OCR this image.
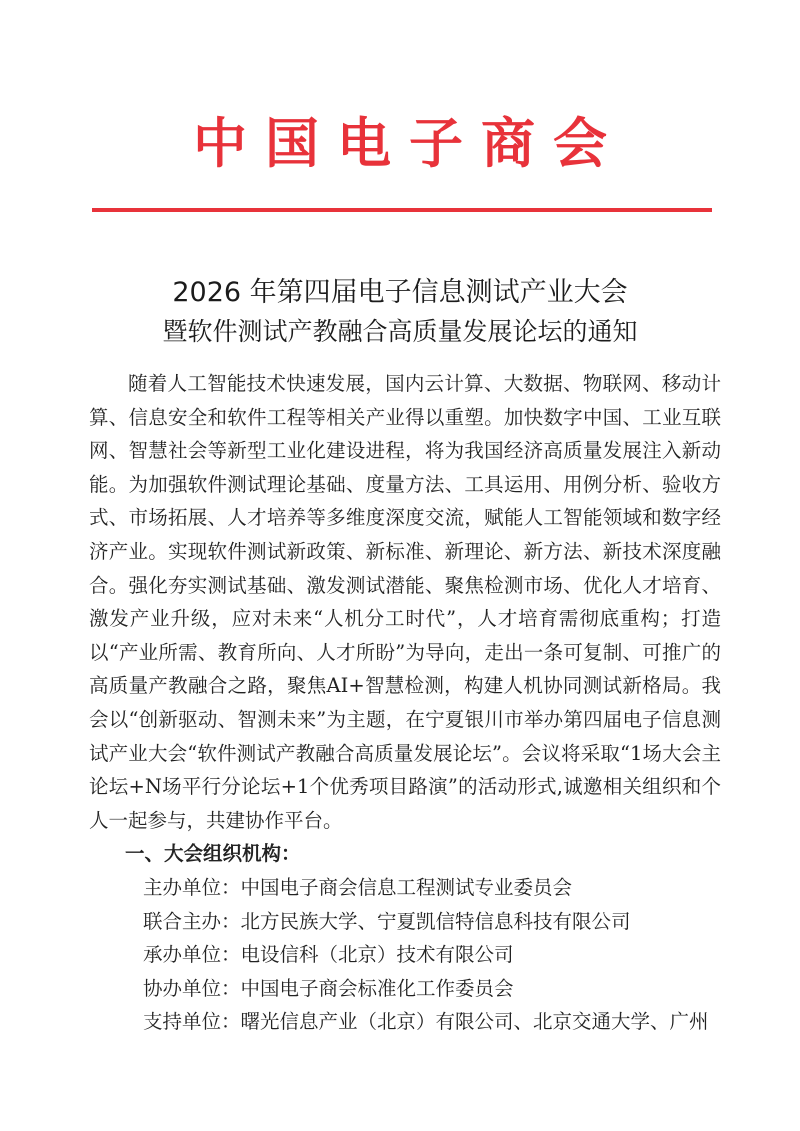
中国电子商会
2026 年第四届电子信息测试产业大会
暨软件测试产教融合高质量发展论坛的通知

随着人工智能技术快速发展，国内云计算、大数据、物联网、移动计算、信息安全和软件工程等相关产业得以重塑。加快数字中国、工业互联网、智慧社会等新型工业化建设进程，将为我国经济高质量发展注入新动能。为加强软件测试理论基础、度量方法、工具运用、用例分析、验收方式、市场拓展、人才培养等多维度深度交流，赋能人工智能领域和数字经济产业。实现软件测试新政策、新标准、新理论、新方法、新技术深度融合。强化夯实测试基础、激发测试潜能、聚焦检测市场、优化人才培育、激发产业升级，应对未来“人机分工时代”，人才培育需彻底重构；打造以“产业所需、教育所向、人才所盼”为导向，走出一条可复制、可推广的高质量产教融合之路，聚焦AI+智慧检测，构建人机协同测试新格局。我会以“创新驱动、智测未来”为主题，在宁夏银川市举办第四届电子信息测试产业大会“软件测试产教融合高质量发展论坛”。会议将采取“1场大会主论坛+N场平行分论坛+1个优秀项目路演”的活动形式,诚邀相关组织和个人一起参与，共建协作平台。

一、大会组织机构：

主办单位：中国电子商会信息工程测试专业委员会
联合主办：北方民族大学、宁夏凯信特信息科技有限公司
承办单位：电设信科（北京）技术有限公司
协办单位：中国电子商会标准化工作委员会
支持单位：曙光信息产业（北京）有限公司、北京交通大学、广州
